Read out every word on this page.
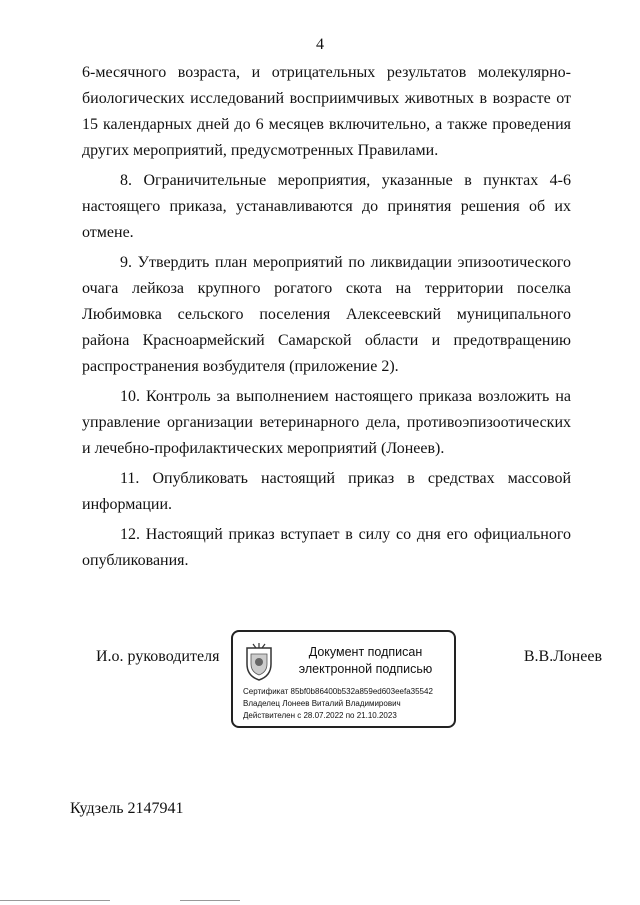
4

6-месячного возраста, и отрицательных результатов молекулярно-биологических исследований восприимчивых животных в возрасте от 15 календарных дней до 6 месяцев включительно, а также проведения других мероприятий, предусмотренных Правилами.

8. Ограничительные мероприятия, указанные в пунктах 4-6 настоящего приказа, устанавливаются до принятия решения об их отмене.

9. Утвердить план мероприятий по ликвидации эпизоотического очага лейкоза крупного рогатого скота на территории поселка Любимовка сельского поселения Алексеевский муниципального района Красноармейский Самарской области и предотвращению распространения возбудителя (приложение 2).

10. Контроль за выполнением настоящего приказа возложить на управление организации ветеринарного дела, противоэпизоотических и лечебно-профилактических мероприятий (Лонеев).

11. Опубликовать настоящий приказ в средствах массовой информации.

12. Настоящий приказ вступает в силу со дня его официального опубликования.

И.о. руководителя	Документ подписан
электронной подписью
Сертификат 85bf0b86400b532a859ed603eefa35542
Владелец Лонеев Виталий Владимирович
Действителен с 28.07.2022 по 21.10.2023
В.В.Лонеев
Кудзель 2147941
